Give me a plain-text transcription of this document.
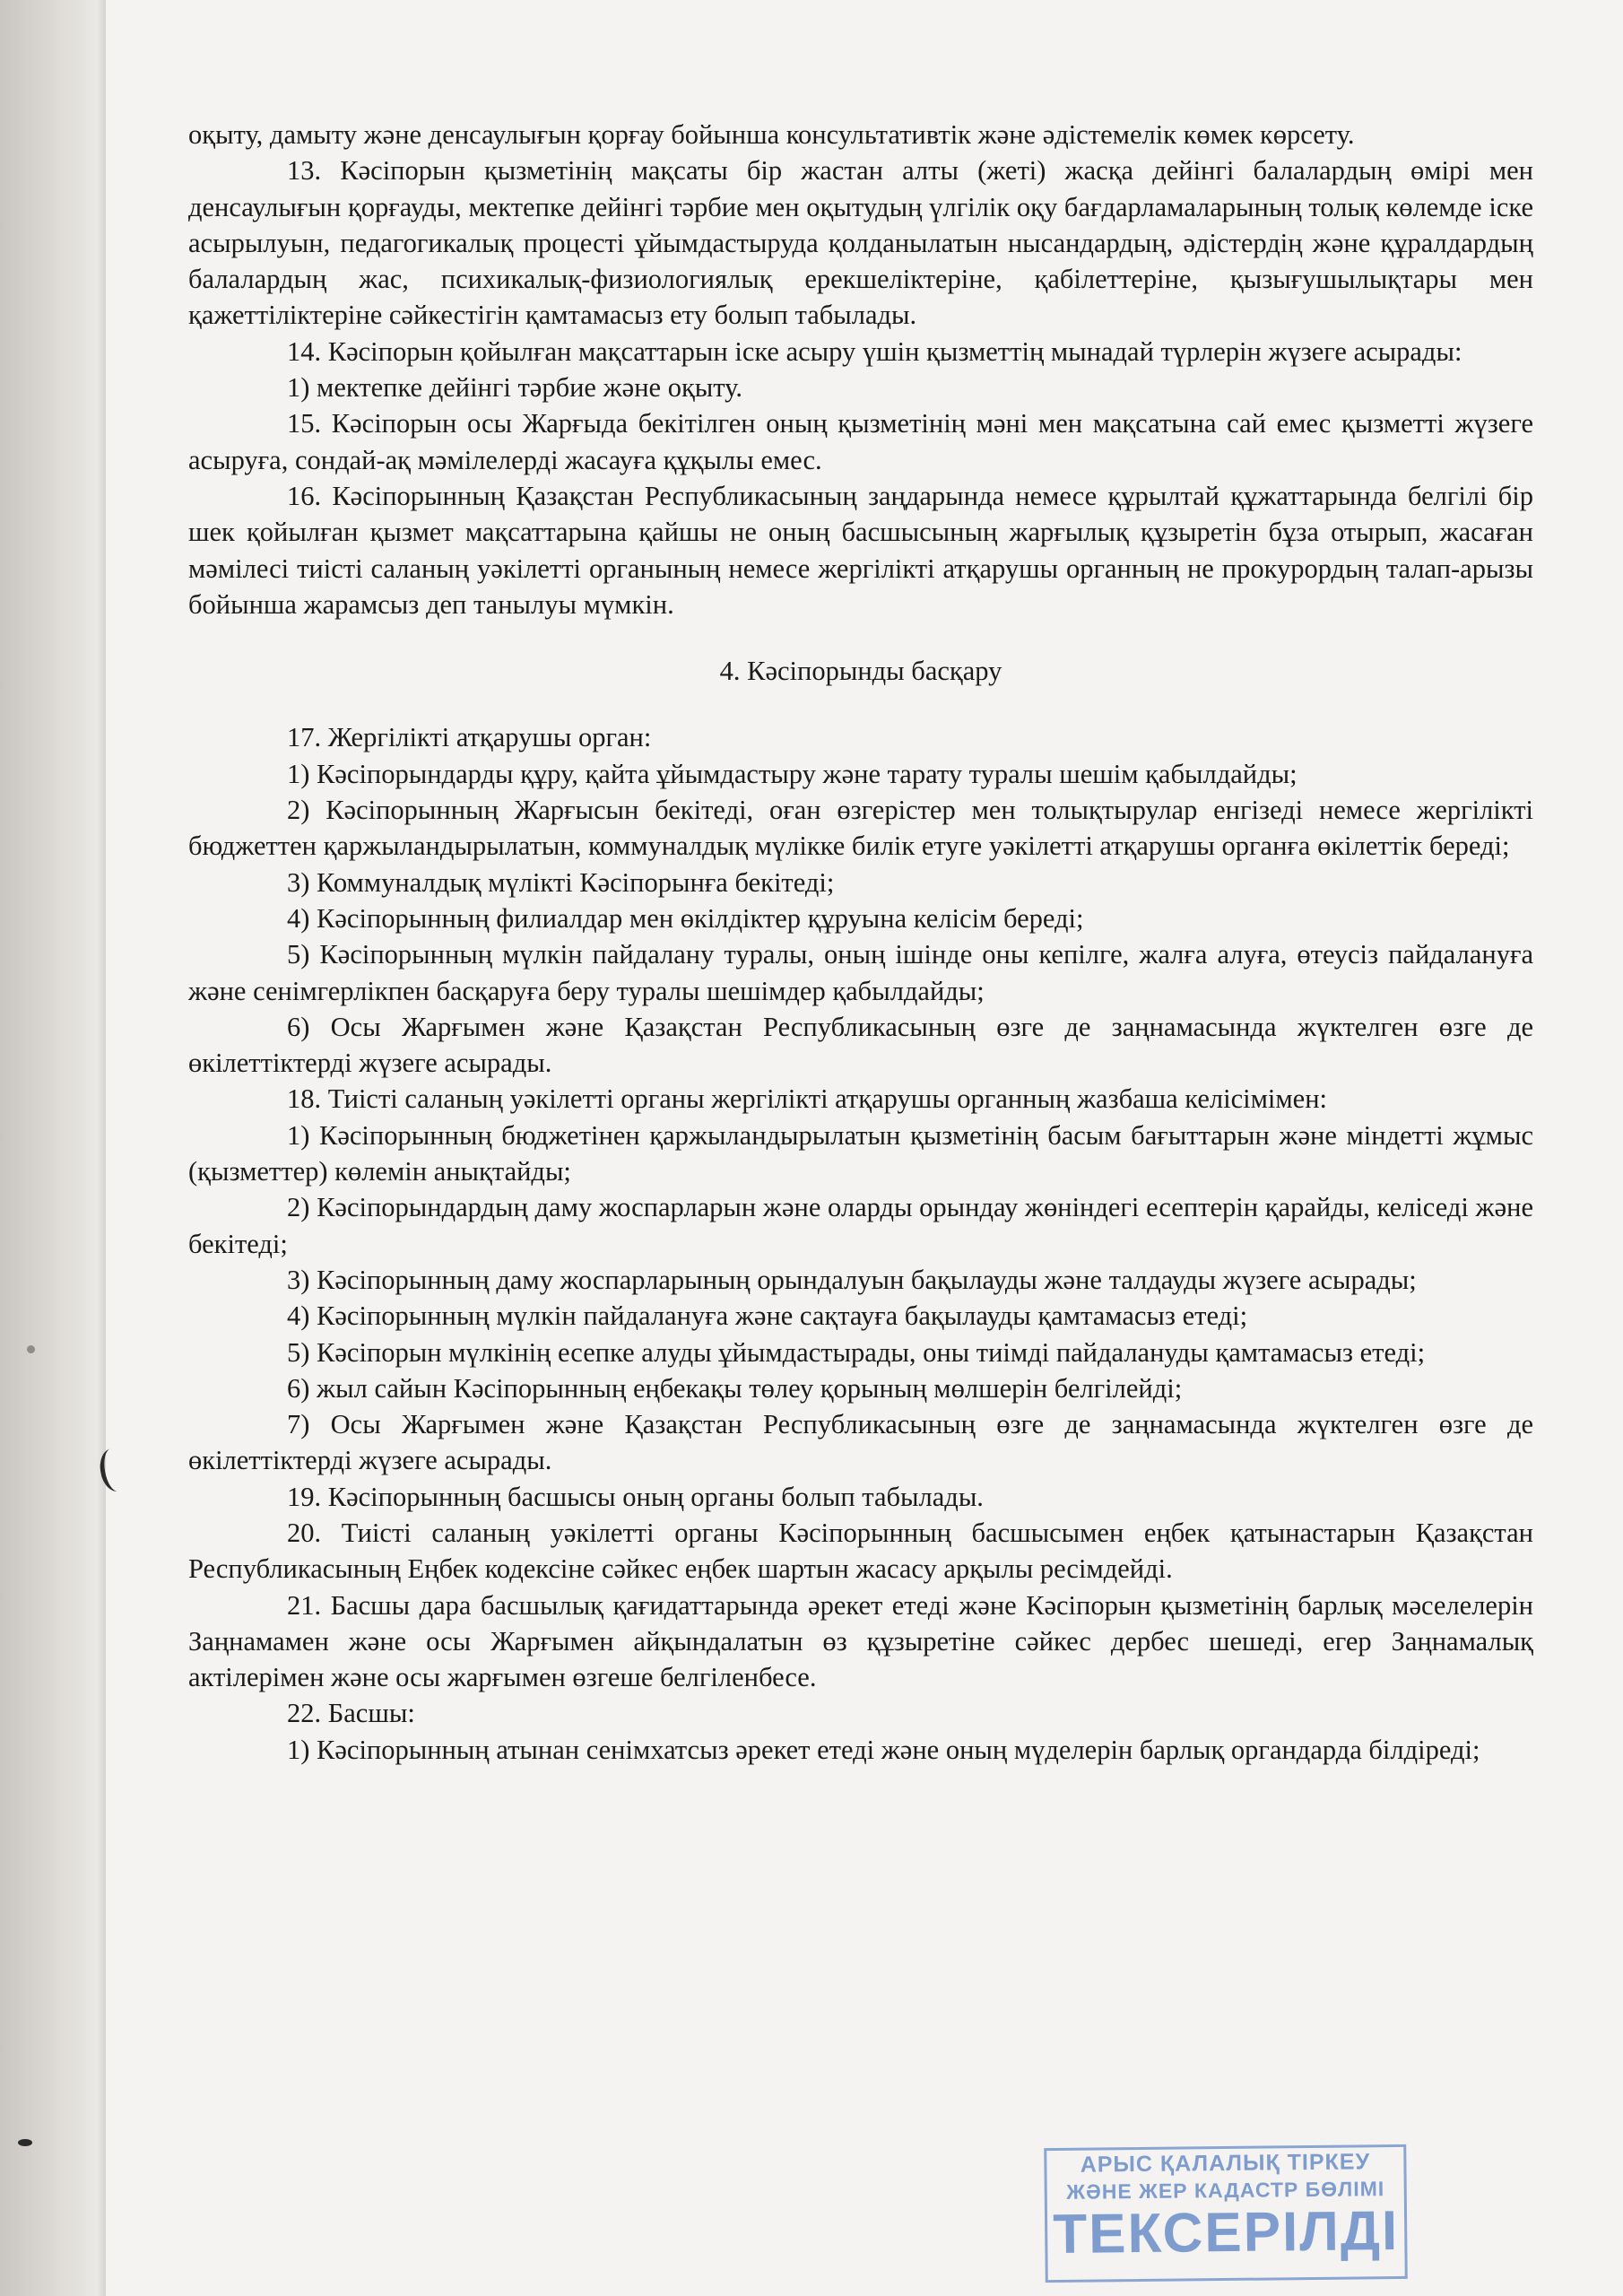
оқыту, дамыту және денсаулығын қорғау бойынша консультативтік және әдістемелік көмек көрсету.

13. Кәсіпорын қызметінің мақсаты бір жастан алты (жеті) жасқа дейінгі балалардың өмірі мен денсаулығын қорғауды, мектепке дейінгі тәрбие мен оқытудың үлгілік оқу бағдарламаларының толық көлемде іске асырылуын, педагогикалық процесті ұйымдастыруда қолданылатын нысандардың, әдістердің және құралдардың балалардың жас, психикалық-физиологиялық ерекшеліктеріне, қабілеттеріне, қызығушылықтары мен қажеттіліктеріне сәйкестігін қамтамасыз ету болып табылады.

14. Кәсіпорын қойылған мақсаттарын іске асыру үшін қызметтің мынадай түрлерін жүзеге асырады:

1) мектепке дейінгі тәрбие және оқыту.

15. Кәсіпорын осы Жарғыда бекітілген оның қызметінің мәні мен мақсатына сай емес қызметті жүзеге асыруға, сондай-ақ мәмілелерді жасауға құқылы емес.

16. Кәсіпорынның Қазақстан Республикасының заңдарында немесе құрылтай құжаттарында белгілі бір шек қойылған қызмет мақсаттарына қайшы не оның басшысының жарғылық құзыретін бұза отырып, жасаған мәмілесі тиісті саланың уәкілетті органының немесе жергілікті атқарушы органның не прокурордың талап-арызы бойынша жарамсыз деп танылуы мүмкін.

4. Кәсіпорынды басқару

17. Жергілікті атқарушы орган:

1) Кәсіпорындарды құру, қайта ұйымдастыру және тарату туралы шешім қабылдайды;

2) Кәсіпорынның Жарғысын бекітеді, оған өзгерістер мен толықтырулар енгізеді немесе жергілікті бюджеттен қаржыландырылатын, коммуналдық мүлікке билік етуге уәкілетті атқарушы органға өкілеттік береді;

3) Коммуналдық мүлікті Кәсіпорынға бекітеді;

4) Кәсіпорынның филиалдар мен өкілдіктер құруына келісім береді;

5) Кәсіпорынның мүлкін пайдалану туралы, оның ішінде оны кепілге, жалға алуға, өтеусіз пайдалануға және сенімгерлікпен басқаруға беру туралы шешімдер қабылдайды;

6) Осы Жарғымен және Қазақстан Республикасының өзге де заңнамасында жүктелген өзге де өкілеттіктерді жүзеге асырады.

18. Тиісті саланың уәкілетті органы жергілікті атқарушы органның жазбаша келісімімен:

1) Кәсіпорынның бюджетінен қаржыландырылатын қызметінің басым бағыттарын және міндетті жұмыс (қызметтер) көлемін анықтайды;

2) Кәсіпорындардың даму жоспарларын және оларды орындау жөніндегі есептерін қарайды, келіседі және бекітеді;

3) Кәсіпорынның даму жоспарларының орындалуын бақылауды және талдауды жүзеге асырады;

4) Кәсіпорынның мүлкін пайдалануға және сақтауға бақылауды қамтамасыз етеді;

5) Кәсіпорын мүлкінің есепке алуды ұйымдастырады, оны тиімді пайдалануды қамтамасыз етеді;

6) жыл сайын Кәсіпорынның еңбекақы төлеу қорының мөлшерін белгілейді;

7) Осы Жарғымен және Қазақстан Республикасының өзге де заңнамасында жүктелген өзге де өкілеттіктерді жүзеге асырады.

19. Кәсіпорынның басшысы оның органы болып табылады.

20. Тиісті саланың уәкілетті органы Кәсіпорынның басшысымен еңбек қатынастарын Қазақстан Республикасының Еңбек кодексіне сәйкес еңбек шартын жасасу арқылы ресімдейді.

21. Басшы дара басшылық қағидаттарында әрекет етеді және Кәсіпорын қызметінің барлық мәселелерін Заңнамамен және осы Жарғымен айқындалатын өз құзыретіне сәйкес дербес шешеді, егер Заңнамалық актілерімен және осы жарғымен өзгеше белгіленбесе.

22. Басшы:

1) Кәсіпорынның атынан сенімхатсыз әрекет етеді және оның мүделерін барлық органдарда білдіреді;

АРЫС ҚАЛАЛЫҚ ТІРКЕУ
ЖӘНЕ ЖЕР КАДАСТР БӨЛІМІ
ТЕКСЕРІЛДІ
